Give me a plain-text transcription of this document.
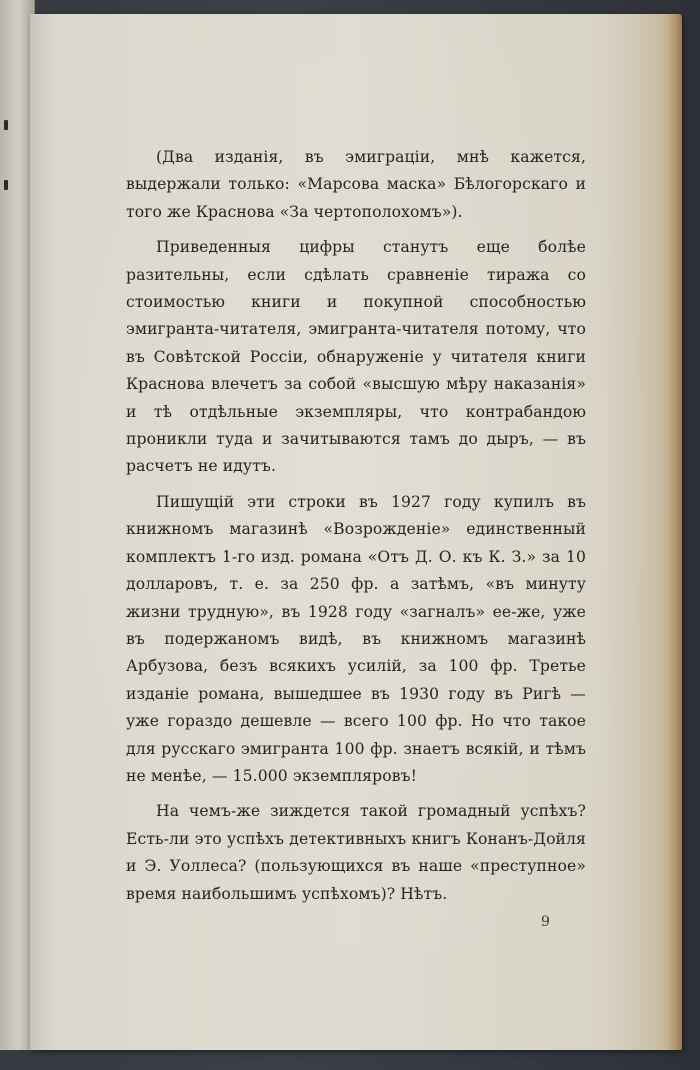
(Два изданія, въ эмиграціи, мнѣ кажется, выдержали только: «Марсова маска» Бѣлогорскаго и того же Краснова «За чертополохомъ»).

Приведенныя цифры станутъ еще болѣе разительны, если сдѣлать сравненіе тиража со стоимостью книги и покупной способностью эмигранта-читателя, эмигранта-читателя потому, что въ Совѣтской Россіи, обнаруженіе у читателя книги Краснова влечетъ за собой «высшую мѣру наказанія» и тѣ отдѣльные экземпляры, что контрабандою проникли туда и зачитываются тамъ до дыръ, — въ расчетъ не идутъ.

Пишущій эти строки въ 1927 году купилъ въ книжномъ магазинѣ «Возрожденіе» единственный комплектъ 1-го изд. романа «Отъ Д. О. къ К. З.» за 10 долларовъ, т. е. за 250 фр. а затѣмъ, «въ минуту жизни трудную», въ 1928 году «загналъ» ее-же, уже въ подержаномъ видѣ, въ книжномъ магазинѣ Арбузова, безъ всякихъ усилій, за 100 фр. Третье изданіе романа, вышедшее въ 1930 году въ Ригѣ — уже гораздо дешевле — всего 100 фр. Но что такое для русскаго эмигранта 100 фр. знаетъ всякій, и тѣмъ не менѣе, — 15.000 экземпляровъ!

На чемъ-же зиждется такой громадный успѣхъ? Есть-ли это успѣхъ детективныхъ книгъ Конанъ-Дойля и Э. Уоллеса? (пользующихся въ наше «преступное» время наибольшимъ успѣхомъ)? Нѣтъ.

9
